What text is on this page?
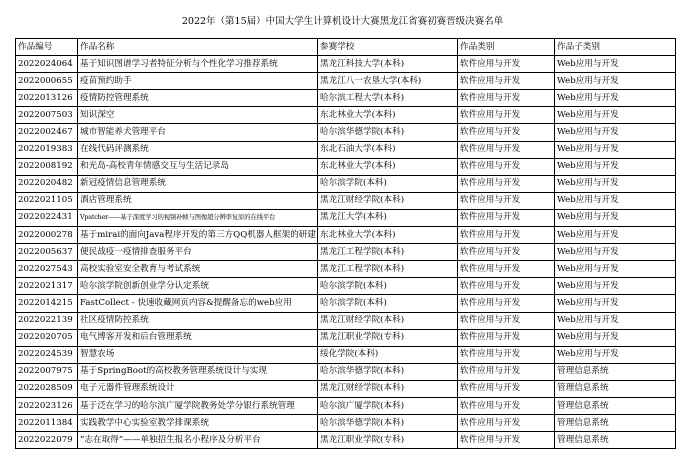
2022年（第15届）中国大学生计算机设计大赛黑龙江省赛初赛晋级决赛名单
作品编号	作品名称	参赛学校	作品类别	作品子类别
2022024064	基于知识图谱学习者特征分析与个性化学习推荐系统	黑龙江科技大学(本科)	软件应用与开发	Web应用与开发
2022000655	疫苗预约助手	黑龙江八一农垦大学(本科)	软件应用与开发	Web应用与开发
2022013126	疫情防控管理系统	哈尔滨工程大学(本科)	软件应用与开发	Web应用与开发
2022007503	知识深空	东北林业大学(本科)	软件应用与开发	Web应用与开发
2022002467	城市智能养犬管理平台	哈尔滨华德学院(本科)	软件应用与开发	Web应用与开发
2022019383	在线代码评测系统	东北石油大学(本科)	软件应用与开发	Web应用与开发
2022008192	和光岛-高校青年情感交互与生活记录岛	东北林业大学(本科)	软件应用与开发	Web应用与开发
2022020482	新冠疫情信息管理系统	哈尔滨学院(本科)	软件应用与开发	Web应用与开发
2022021105	酒店管理系统	黑龙江财经学院(本科)	软件应用与开发	Web应用与开发
2022022431	Vpatcher——基于深度学习的视频补帧与图像超分辨率复原的在线平台	黑龙江大学(本科)	软件应用与开发	Web应用与开发
2022000278	基于mirai的面向Java程序开发的第三方QQ机器人框架的研建	东北林业大学(本科)	软件应用与开发	Web应用与开发
2022005637	便民战疫一疫情排查服务平台	黑龙江工程学院(本科)	软件应用与开发	Web应用与开发
2022027543	高校实验室安全教育与考试系统	黑龙江工程学院(本科)	软件应用与开发	Web应用与开发
2022021317	哈尔滨学院创新创业学分认定系统	哈尔滨学院(本科)	软件应用与开发	Web应用与开发
2022014215	FastCollect - 快速收藏网页内容&提醒备忘的web应用	哈尔滨学院(本科)	软件应用与开发	Web应用与开发
2022022139	社区疫情防控系统	黑龙江财经学院(本科)	软件应用与开发	Web应用与开发
2022020705	电气博客开发和后台管理系统	黑龙江职业学院(专科)	软件应用与开发	Web应用与开发
2022024539	智慧农场	绥化学院(本科)	软件应用与开发	Web应用与开发
2022007975	基于SpringBoot的高校教务管理系统设计与实现	哈尔滨华德学院(本科)	软件应用与开发	管理信息系统
2022028509	电子元器件管理系统设计	黑龙江财经学院(本科)	软件应用与开发	管理信息系统
2022023126	基于泛在学习的哈尔滨广厦学院教务处学分银行系统管理	哈尔滨广厦学院(本科)	软件应用与开发	管理信息系统
2022011384	实践教学中心实验室教学排课系统	哈尔滨华德学院(本科)	软件应用与开发	管理信息系统
2022022079	“志在取得”——单独招生报名小程序及分析平台	黑龙江职业学院(专科)	软件应用与开发	管理信息系统
